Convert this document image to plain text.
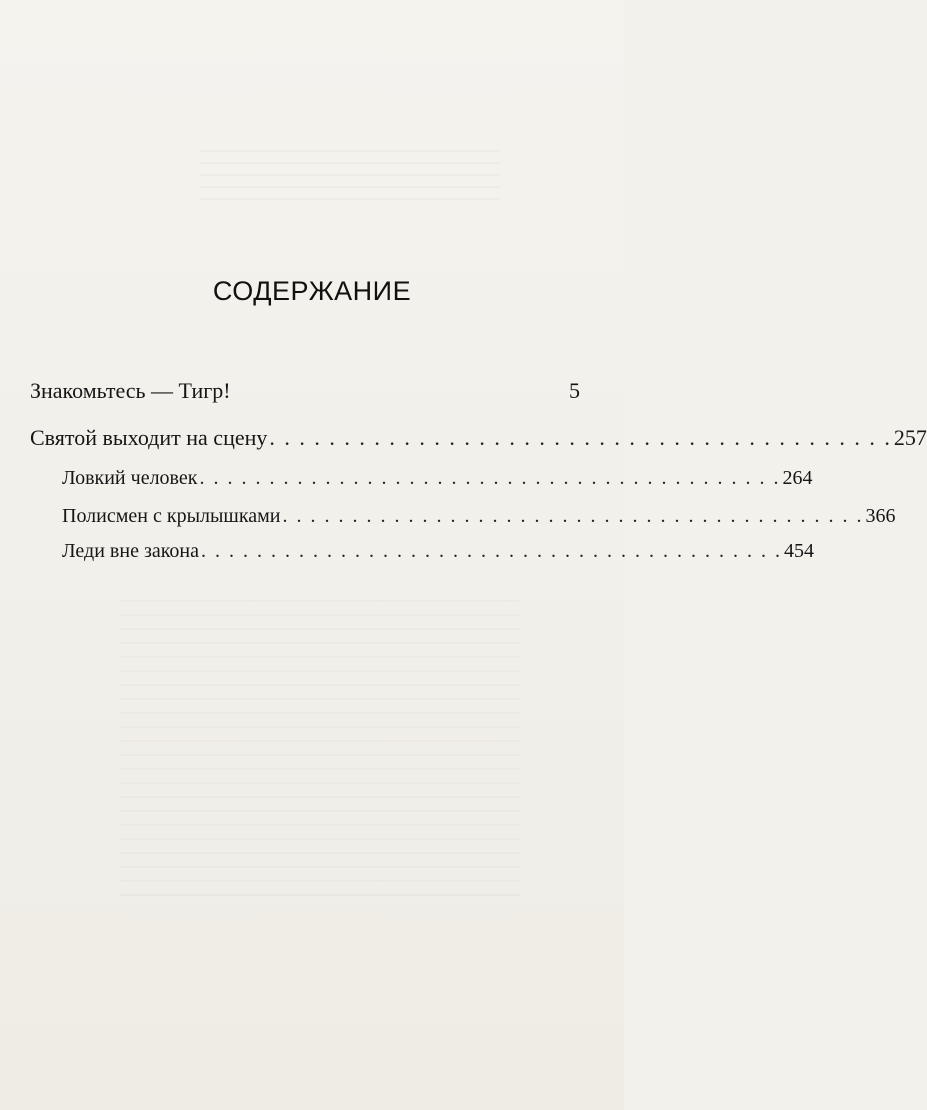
СОДЕРЖАНИЕ
Знакомьтесь — Тигр!	5
Святой выходит на сцену . . . . . . . . . . . . . . . . . . . . . . . . . . . . . . . . . . . . . . . . . . 257
Ловкий человек . . . . . . . . . . . . . . . . . . . . . . . . . . . . . . . . . . . . . . . . . . 264
Полисмен с крылышками . . . . . . . . . . . . . . . . . . . . . . . . . . . . . . . . . . . . . . . . . . 366
Леди вне закона . . . . . . . . . . . . . . . . . . . . . . . . . . . . . . . . . . . . . . . . . . 454
